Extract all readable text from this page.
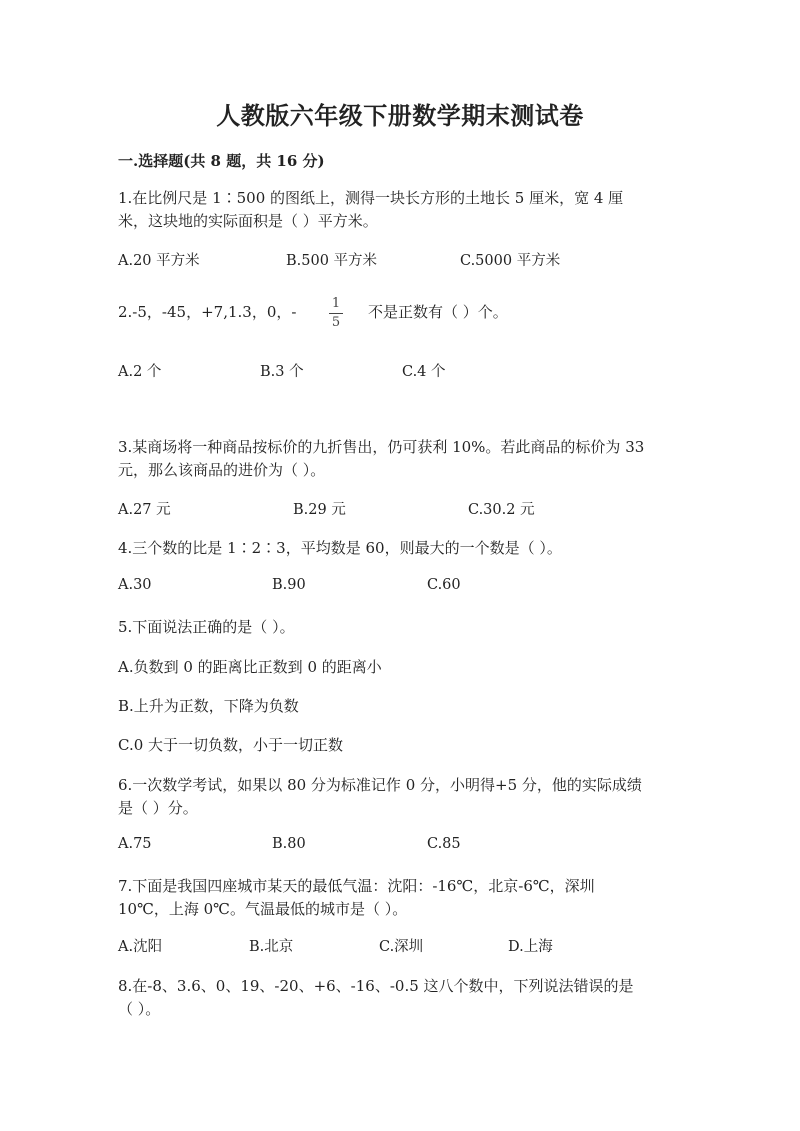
人教版六年级下册数学期末测试卷
一.选择题(共 8 题，共 16 分)
1.在比例尺是 1∶500 的图纸上，测得一块长方形的土地长 5 厘米，宽 4 厘
米，这块地的实际面积是（ ）平方米。
A.20 平方米	B.500 平方米	C.5000 平方米
2.-5，-45，+7,1.3，0，-	1
5
不是正数有（ ）个。
A.2 个	B.3 个	C.4 个
3.某商场将一种商品按标价的九折售出，仍可获利 10%。若此商品的标价为 33
元，那么该商品的进价为（ ）。
A.27 元	B.29 元	C.30.2 元
4.三个数的比是 1∶2∶3，平均数是 60，则最大的一个数是（ ）。
A.30	B.90	C.60
5.下面说法正确的是（ ）。
A.负数到 0 的距离比正数到 0 的距离小
B.上升为正数，下降为负数
C.0 大于一切负数，小于一切正数
6.一次数学考试，如果以 80 分为标准记作 0 分，小明得+5 分，他的实际成绩
是（ ）分。
A.75	B.80	C.85
7.下面是我国四座城市某天的最低气温：沈阳：-16℃，北京-6℃，深圳
10℃，上海 0℃。气温最低的城市是（ ）。
A.沈阳	B.北京	C.深圳	D.上海
8.在-8、3.6、0、19、-20、+6、-16、-0.5 这八个数中，下列说法错误的是
（ ）。
